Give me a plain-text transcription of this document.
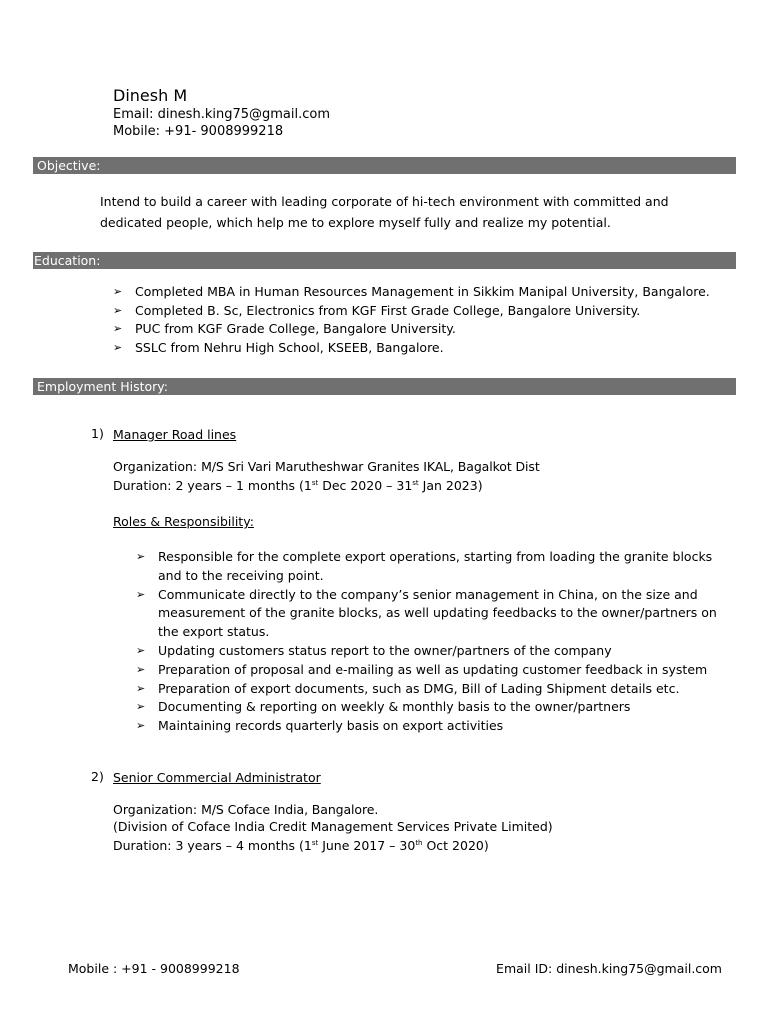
Dinesh M
Email: dinesh.king75@gmail.com
Mobile: +91- 9008999218
Objective:
Intend to build a career with leading corporate of hi-tech environment with committed and dedicated people, which help me to explore myself fully and realize my potential.
Education:
➢ Completed MBA in Human Resources Management in Sikkim Manipal University, Bangalore.
➢ Completed B. Sc, Electronics from KGF First Grade College, Bangalore University.
➢ PUC from KGF Grade College, Bangalore University.
➢ SSLC from Nehru High School, KSEEB, Bangalore.
Employment History:
1) Manager Road lines
Organization: M/S Sri Vari Marutheshwar Granites IKAL, Bagalkot Dist
Duration: 2 years – 1 months (1st Dec 2020 – 31st Jan 2023)
Roles & Responsibility:
➢ Responsible for the complete export operations, starting from loading the granite blocks and to the receiving point.
➢ Communicate directly to the company’s senior management in China, on the size and measurement of the granite blocks, as well updating feedbacks to the owner/partners on the export status.
➢ Updating customers status report to the owner/partners of the company
➢ Preparation of proposal and e-mailing as well as updating customer feedback in system
➢ Preparation of export documents, such as DMG, Bill of Lading Shipment details etc.
➢ Documenting & reporting on weekly & monthly basis to the owner/partners
➢ Maintaining records quarterly basis on export activities
2) Senior Commercial Administrator
Organization: M/S Coface India, Bangalore.
(Division of Coface India Credit Management Services Private Limited)
Duration: 3 years – 4 months (1st June 2017 – 30th Oct 2020)
Mobile : +91 - 9008999218	Email ID: dinesh.king75@gmail.com
